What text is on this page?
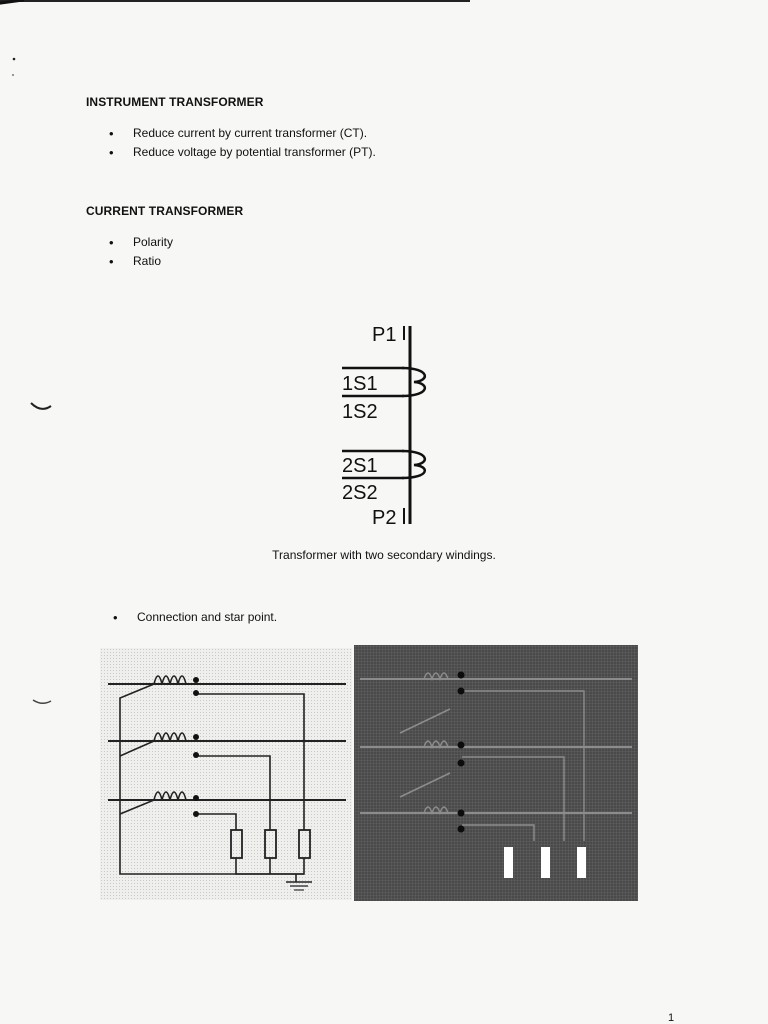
INSTRUMENT TRANSFORMER
• Reduce current by current transformer (CT).
• Reduce voltage by potential transformer (PT).
CURRENT TRANSFORMER
• Polarity
• Ratio
P1
1S1
1S2
2S1
2S2
P2
Transformer with two secondary windings.
• Connection and star point.
1
